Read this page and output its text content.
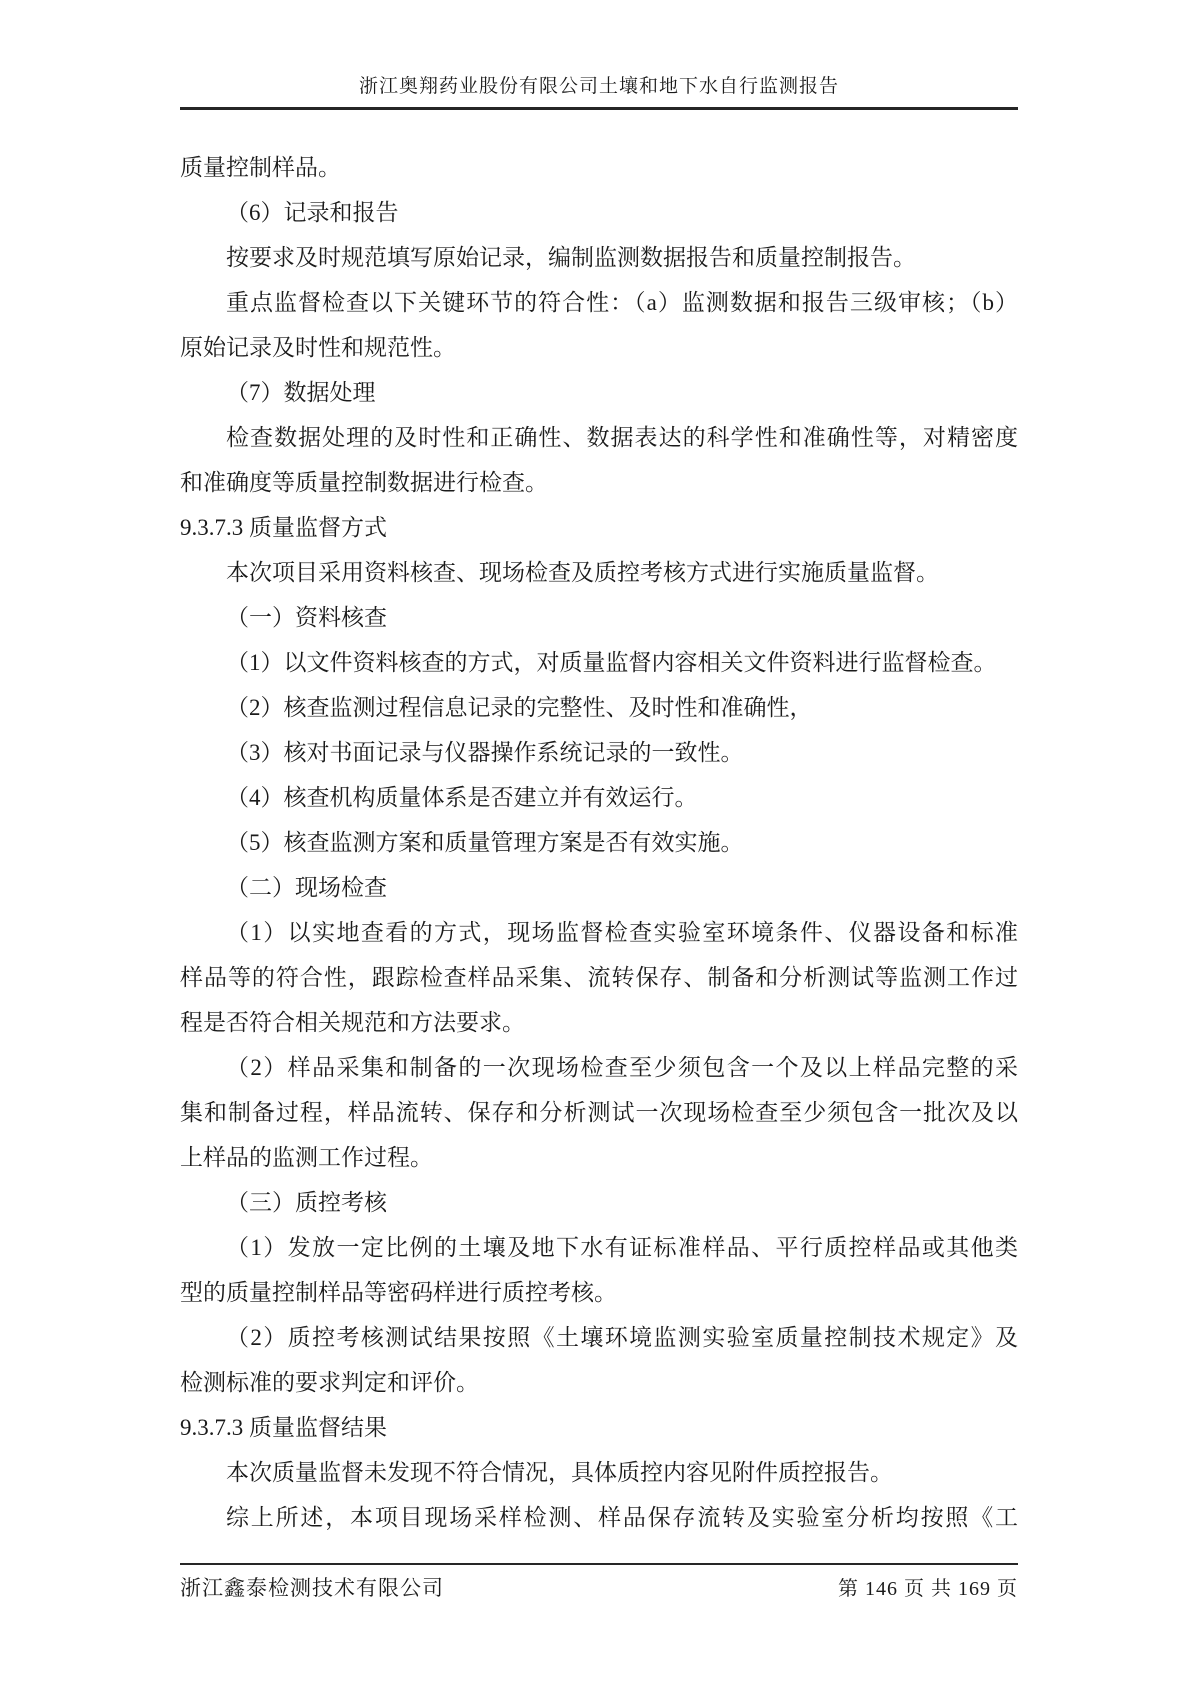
浙江奥翔药业股份有限公司土壤和地下水自行监测报告
质量控制样品。
（6）记录和报告
按要求及时规范填写原始记录，编制监测数据报告和质量控制报告。
重点监督检查以下关键环节的符合性：（a）监测数据和报告三级审核；（b）
原始记录及时性和规范性。
（7）数据处理
检查数据处理的及时性和正确性、数据表达的科学性和准确性等，对精密度
和准确度等质量控制数据进行检查。
9.3.7.3 质量监督方式
本次项目采用资料核查、现场检查及质控考核方式进行实施质量监督。
（一）资料核查
（1）以文件资料核查的方式，对质量监督内容相关文件资料进行监督检查。
（2）核查监测过程信息记录的完整性、及时性和准确性，
（3）核对书面记录与仪器操作系统记录的一致性。
（4）核查机构质量体系是否建立并有效运行。
（5）核查监测方案和质量管理方案是否有效实施。
（二）现场检查
（1）以实地查看的方式，现场监督检查实验室环境条件、仪器设备和标准
样品等的符合性，跟踪检查样品采集、流转保存、制备和分析测试等监测工作过
程是否符合相关规范和方法要求。
（2）样品采集和制备的一次现场检查至少须包含一个及以上样品完整的采
集和制备过程，样品流转、保存和分析测试一次现场检查至少须包含一批次及以
上样品的监测工作过程。
（三）质控考核
（1）发放一定比例的土壤及地下水有证标准样品、平行质控样品或其他类
型的质量控制样品等密码样进行质控考核。
（2）质控考核测试结果按照《土壤环境监测实验室质量控制技术规定》及
检测标准的要求判定和评价。
9.3.7.3 质量监督结果
本次质量监督未发现不符合情况，具体质控内容见附件质控报告。
综上所述，本项目现场采样检测、样品保存流转及实验室分析均按照《工
浙江鑫泰检测技术有限公司	第 146 页 共 169 页
